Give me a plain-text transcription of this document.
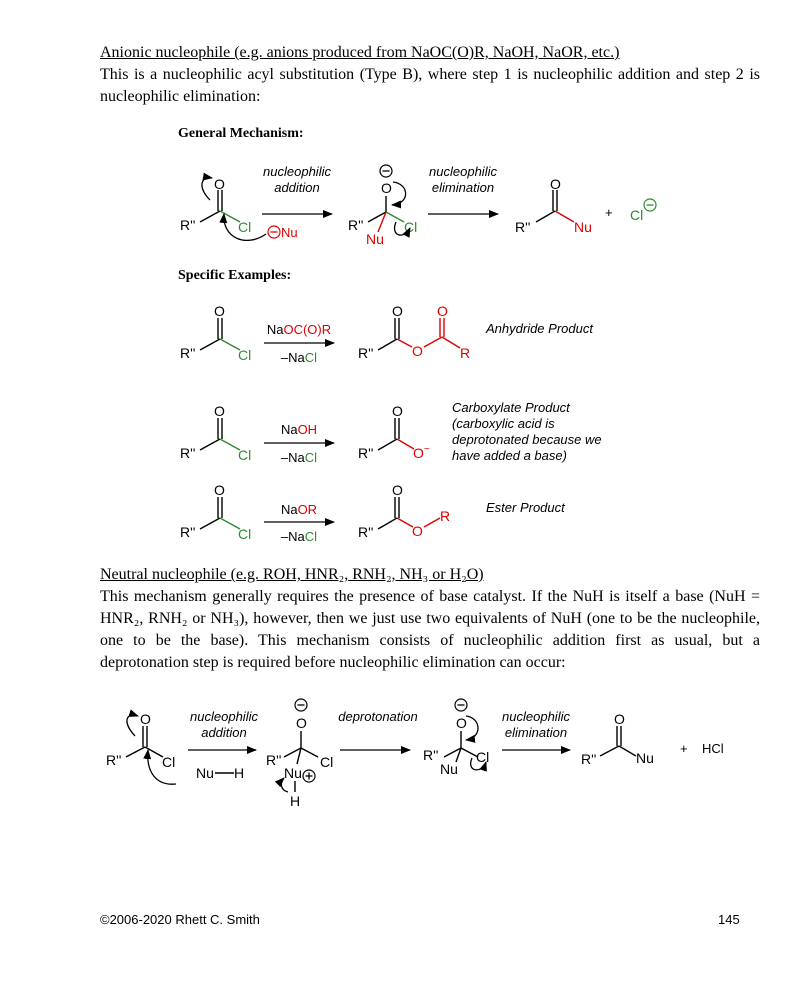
Anionic nucleophile (e.g. anions produced from NaOC(O)R, NaOH, NaOR, etc.)
This is a nucleophilic acyl substitution (Type B), where step 1 is nucleophilic addition and step 2 is
nucleophilic elimination:
General Mechanism:
O
R''	Cl Nu
nucleophilic
addition	O
R''	Cl
Nu
nucleophilic
elimination	O
R''	Nu
+ Cl
Specific Examples:
O
R''	Cl
NaOC(O)R
–NaCl
O
R''	O
O
R
Anhydride Product
O
R''	Cl
NaOH
–NaCl
O
R''	O−
Carboxylate Product
(carboxylic acid is
deprotonated because we
have added a base)
O
R''	Cl
NaOR
–NaCl
O
R''	O
R
Ester Product
Neutral nucleophile (e.g. ROH, HNR₂, RNH₂, NH₃ or H₂O)
This mechanism generally requires the presence of base catalyst. If the NuH is itself a base (NuH =
HNR₂, RNH₂ or NH₃), however, then we just use two equivalents of NuH (one to be the nucleophile,
one to be the base). This mechanism consists of nucleophilic addition first as usual, but a
deprotonation step is required before nucleophilic elimination can occur:
O
R''	Cl
Nu H
nucleophilic
addition
O
R''	Cl
Nu
H
deprotonation	O
R''	Cl
Nu
nucleophilic
elimination
O
R''	Nu
+ HCl
©2006-2020 Rhett C. Smith	145
